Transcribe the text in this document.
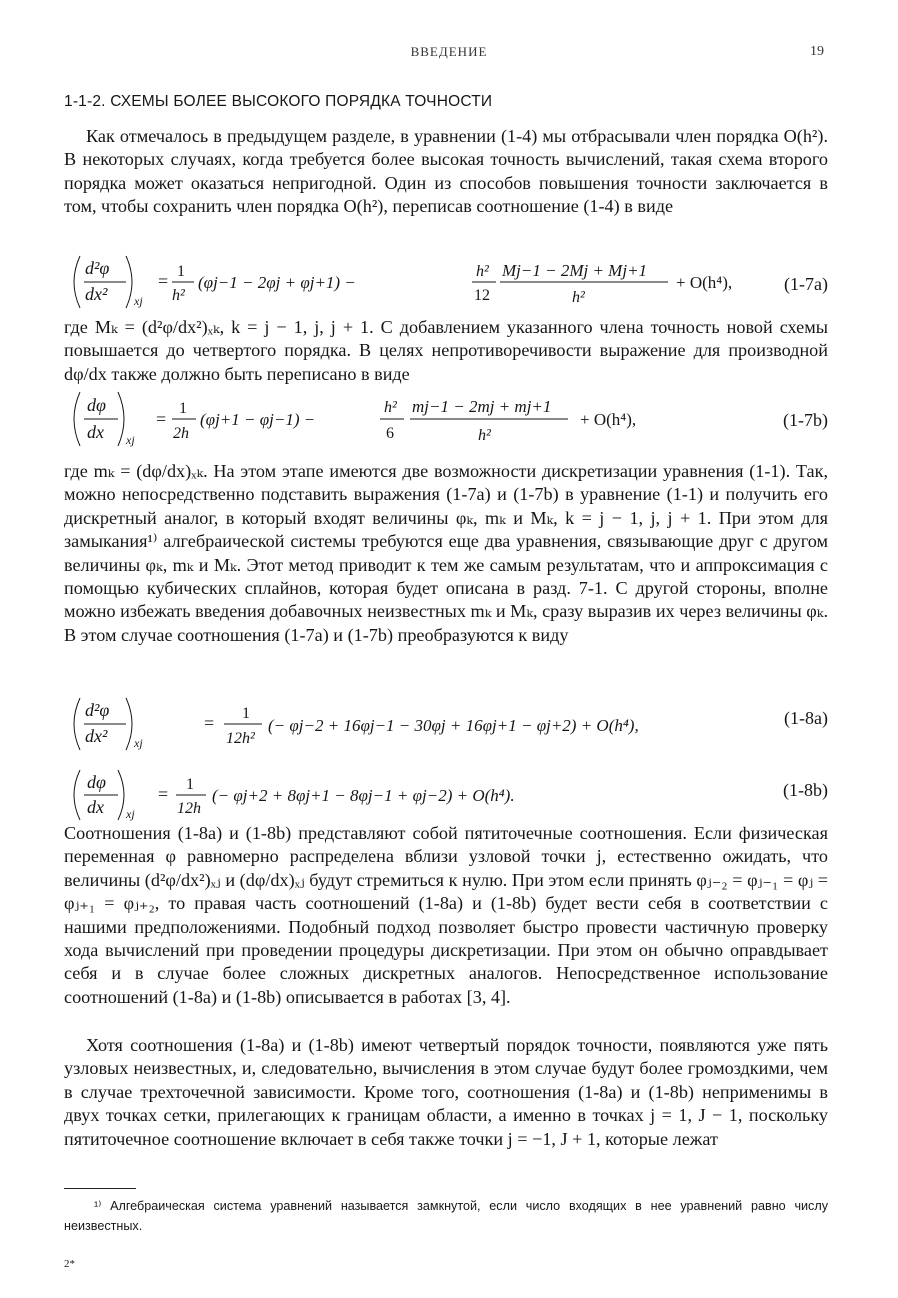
ВВЕДЕНИЕ	19
1-1-2. СХЕМЫ БОЛЕЕ ВЫСОКОГО ПОРЯДКА ТОЧНОСТИ

Как отмечалось в предыдущем разделе, в уравнении (1-4) мы отбрасывали член порядка O(h²). В некоторых случаях, когда требуется более высокая точность вычислений, такая схема второго порядка может оказаться непригодной. Один из способов повышения точности заключается в том, чтобы сохранить член порядка O(h²), переписав соотношение (1-4) в виде

d²φ
dx² xj
= 1
h²
(φj−1 − 2φj + φj+1) −
h²
12
Mj−1 − 2Mj + Mj+1
h²
+ O(h⁴),	(1-7a)

где Mₖ = (d²φ/dx²)ₓₖ, k = j − 1, j, j + 1. С добавлением указанного члена точность новой схемы повышается до четвертого порядка. В целях непротиворечивости выражение для производной dφ/dx также должно быть переписано в виде

dφ
dx xj
=
1
2h
(φj+1 − φj−1) −
h²
6
mj−1 − 2mj + mj+1
h²
+ O(h⁴),	(1-7b)

где mₖ = (dφ/dx)ₓₖ. На этом этапе имеются две возможности дискретизации уравнения (1-1). Так, можно непосредственно подставить выражения (1-7a) и (1-7b) в уравнение (1-1) и получить его дискретный аналог, в который входят величины φₖ, mₖ и Mₖ, k = j − 1, j, j + 1. При этом для замыкания¹⁾ алгебраической системы требуются еще два уравнения, связывающие друг с другом величины φₖ, mₖ и Mₖ. Этот метод приводит к тем же самым результатам, что и аппроксимация с помощью кубических сплайнов, которая будет описана в разд. 7-1. С другой стороны, вполне можно избежать введения добавочных неизвестных mₖ и Mₖ, сразу выразив их через величины φₖ. В этом случае соотношения (1-7a) и (1-7b) преобразуются к виду

d²φ
dx² xj
= 1
12h²
(− φj−2 + 16φj−1 − 30φj + 16φj+1 − φj+2) + O(h⁴),	(1-8a)
dφ
dx xj
= 1
12h
(− φj+2 + 8φj+1 − 8φj−1 + φj−2) + O(h⁴).	(1-8b)

Соотношения (1-8a) и (1-8b) представляют собой пятиточечные соотношения. Если физическая переменная φ равномерно распределена вблизи узловой точки j, естественно ожидать, что величины (d²φ/dx²)ₓⱼ и (dφ/dx)ₓⱼ будут стремиться к нулю. При этом если принять φⱼ₋₂ = φⱼ₋₁ = φⱼ = φⱼ₊₁ = φⱼ₊₂, то правая часть соотношений (1-8a) и (1-8b) будет вести себя в соответствии с нашими предположениями. Подобный подход позволяет быстро провести частичную проверку хода вычислений при проведении процедуры дискретизации. При этом он обычно оправдывает себя и в случае более сложных дискретных аналогов. Непосредственное использование соотношений (1-8a) и (1-8b) описывается в работах [3, 4].

Хотя соотношения (1-8a) и (1-8b) имеют четвертый порядок точности, появляются уже пять узловых неизвестных, и, следовательно, вычисления в этом случае будут более громоздкими, чем в случае трехточечной зависимости. Кроме того, соотношения (1-8a) и (1-8b) неприменимы в двух точках сетки, прилегающих к границам области, а именно в точках j = 1, J − 1, поскольку пятиточечное соотношение включает в себя также точки j = −1, J + 1, которые лежат

¹⁾ Алгебраическая система уравнений называется замкнутой, если число входящих в нее уравнений равно числу неизвестных.

2*
